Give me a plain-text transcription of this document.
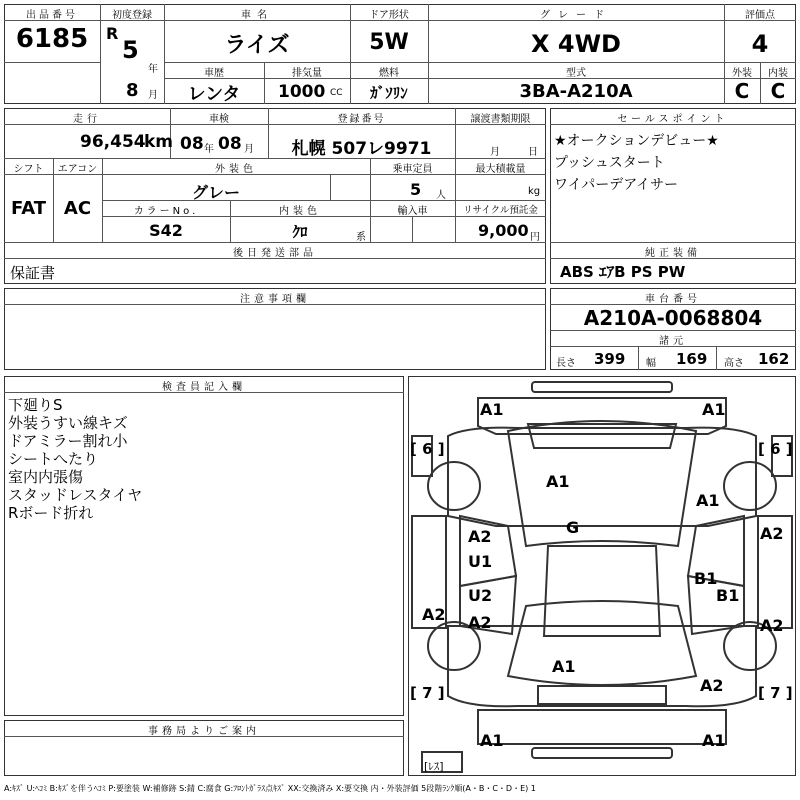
出品番号
6185
初度登録
R
5
年
8 月
車名
ライズ
ドア形状
5W
グレード
X 4WD
評価点
4
車歴
レンタ
排気量
1000 CC
燃料
ｶﾞｿﾘﾝ
型式
3BA-A210A
外装
C
内装
C
走行
96,454
km
車検
08 年 08 月
登録番号
札幌 507レ9971
譲渡書類期限
月	日
シフト
FAT
エアコン
AC
外装色
グレー
乗車定員
5 人
最大積載量
kg
カラーNo.
S42
内装色
ｸﾛ	系
輸入車	リサイクル預託金
9,000 円
後日発送部品
保証書
セールスポイント
★オークションデビュー★
プッシュスタート
ワイパーデアイサー
純正装備
ABS ｴｱB PS PW
注意事項欄	車台番号
A210A-0068804
諸元
長さ 399 幅 169 高さ 162
検査員記入欄
下廻りS
外装うすい線キズ
ドアミラー割れ小
シートへたり
室内内張傷
スタッドレスタイヤ
Rボード折れ
事務局よりご案内
A1	A1
[ 6 ]	[ 6 ]
A1
A1
A2	G	A2
U1
B1
U2	B1
A2 A2	A2
A1
[ 7 ]	[ 7 ]
A2
A1	A1
[ﾚｽ]
A:ｷｽﾞ U:ﾍｺﾐ B:ｷｽﾞを伴うﾍｺﾐ P:要塗装 W:補修跡 S:錆 C:腐食 G:ﾌﾛﾝﾄｶﾞﾗｽ点ｷｽﾞ XX:交換済み X:要交換 内・外装評価 5段階ﾗﾝｸ順(A・B・C・D・E) 1
